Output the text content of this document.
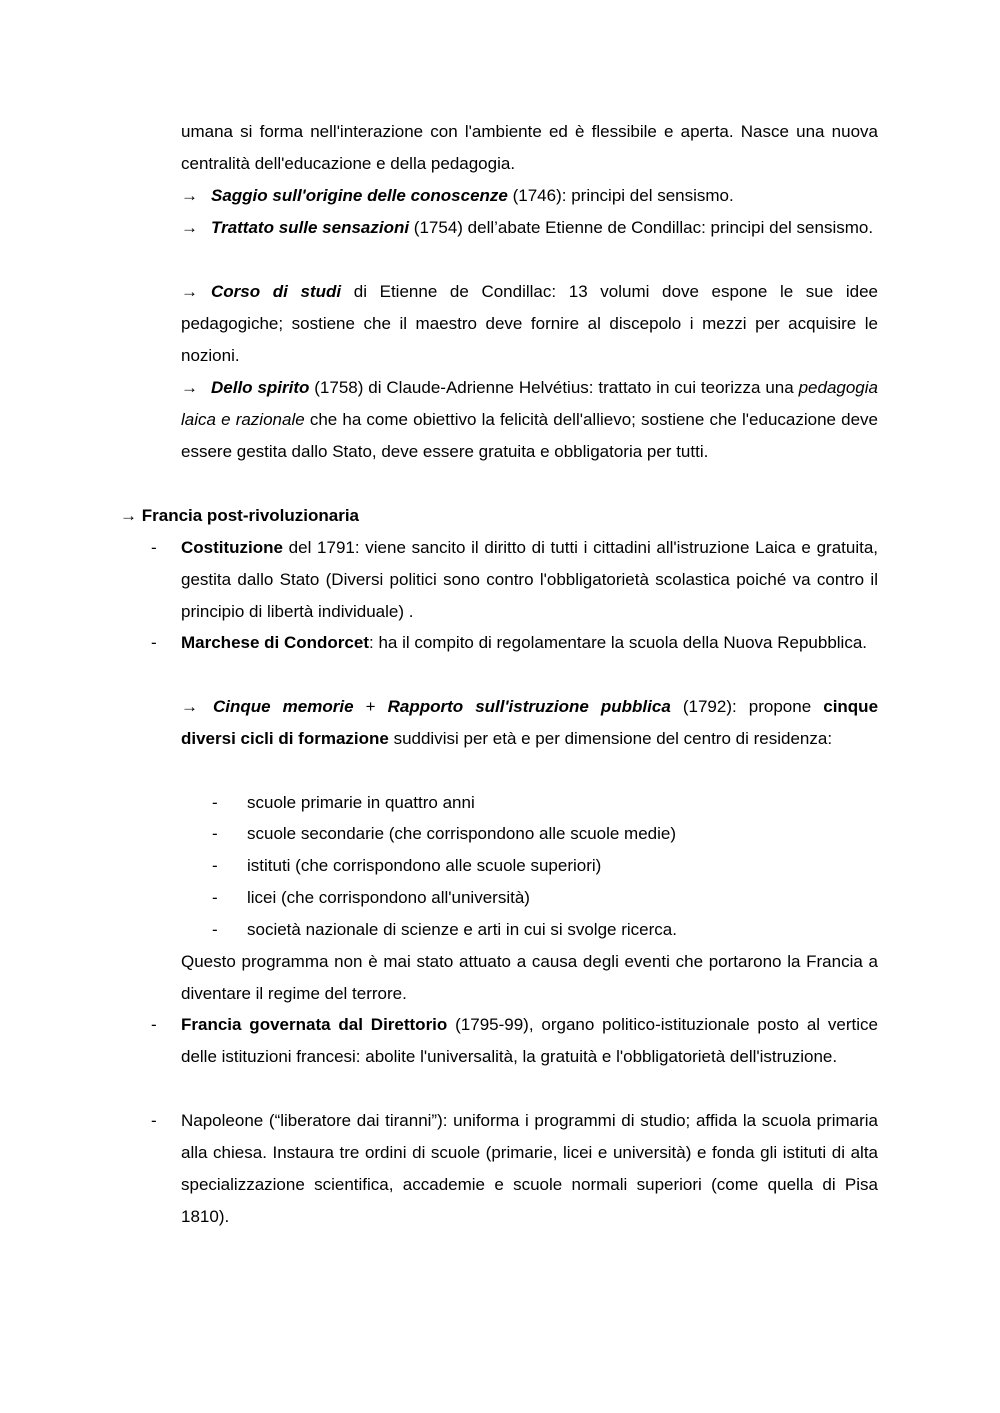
umana si forma nell'interazione con l'ambiente ed è flessibile e aperta. Nasce una nuova centralità dell'educazione e della pedagogia.

→ Saggio sull'origine delle conoscenze (1746): principi del sensismo.

→ Trattato sulle sensazioni (1754) dell’abate Etienne de Condillac: principi del sensismo.

→ Corso di studi di Etienne de Condillac: 13 volumi dove espone le sue idee pedagogiche; sostiene che il maestro deve fornire al discepolo i mezzi per acquisire le nozioni.

→ Dello spirito (1758) di Claude-Adrienne Helvétius: trattato in cui teorizza una pedagogia laica e razionale che ha come obiettivo la felicità dell'allievo; sostiene che l'educazione deve essere gestita dallo Stato, deve essere gratuita e obbligatoria per tutti.

→ Francia post-rivoluzionaria

- Costituzione del 1791: viene sancito il diritto di tutti i cittadini all'istruzione Laica e gratuita, gestita dallo Stato (Diversi politici sono contro l'obbligatorietà scolastica poiché va contro il principio di libertà individuale) .

- Marchese di Condorcet: ha il compito di regolamentare la scuola della Nuova Repubblica.

→ Cinque memorie + Rapporto sull'istruzione pubblica (1792): propone cinque diversi cicli di formazione suddivisi per età e per dimensione del centro di residenza:

- scuole primarie in quattro anni

- scuole secondarie (che corrispondono alle scuole medie)

- istituti (che corrispondono alle scuole superiori)

- licei (che corrispondono all'università)

- società nazionale di scienze e arti in cui si svolge ricerca.

Questo programma non è mai stato attuato a causa degli eventi che portarono la Francia a diventare il regime del terrore.

- Francia governata dal Direttorio (1795-99), organo politico-istituzionale posto al vertice delle istituzioni francesi: abolite l'universalità, la gratuità e l'obbligatorietà dell'istruzione.

- Napoleone (“liberatore dai tiranni”): uniforma i programmi di studio; affida la scuola primaria alla chiesa. Instaura tre ordini di scuole (primarie, licei e università) e fonda gli istituti di alta specializzazione scientifica, accademie e scuole normali superiori (come quella di Pisa 1810).
